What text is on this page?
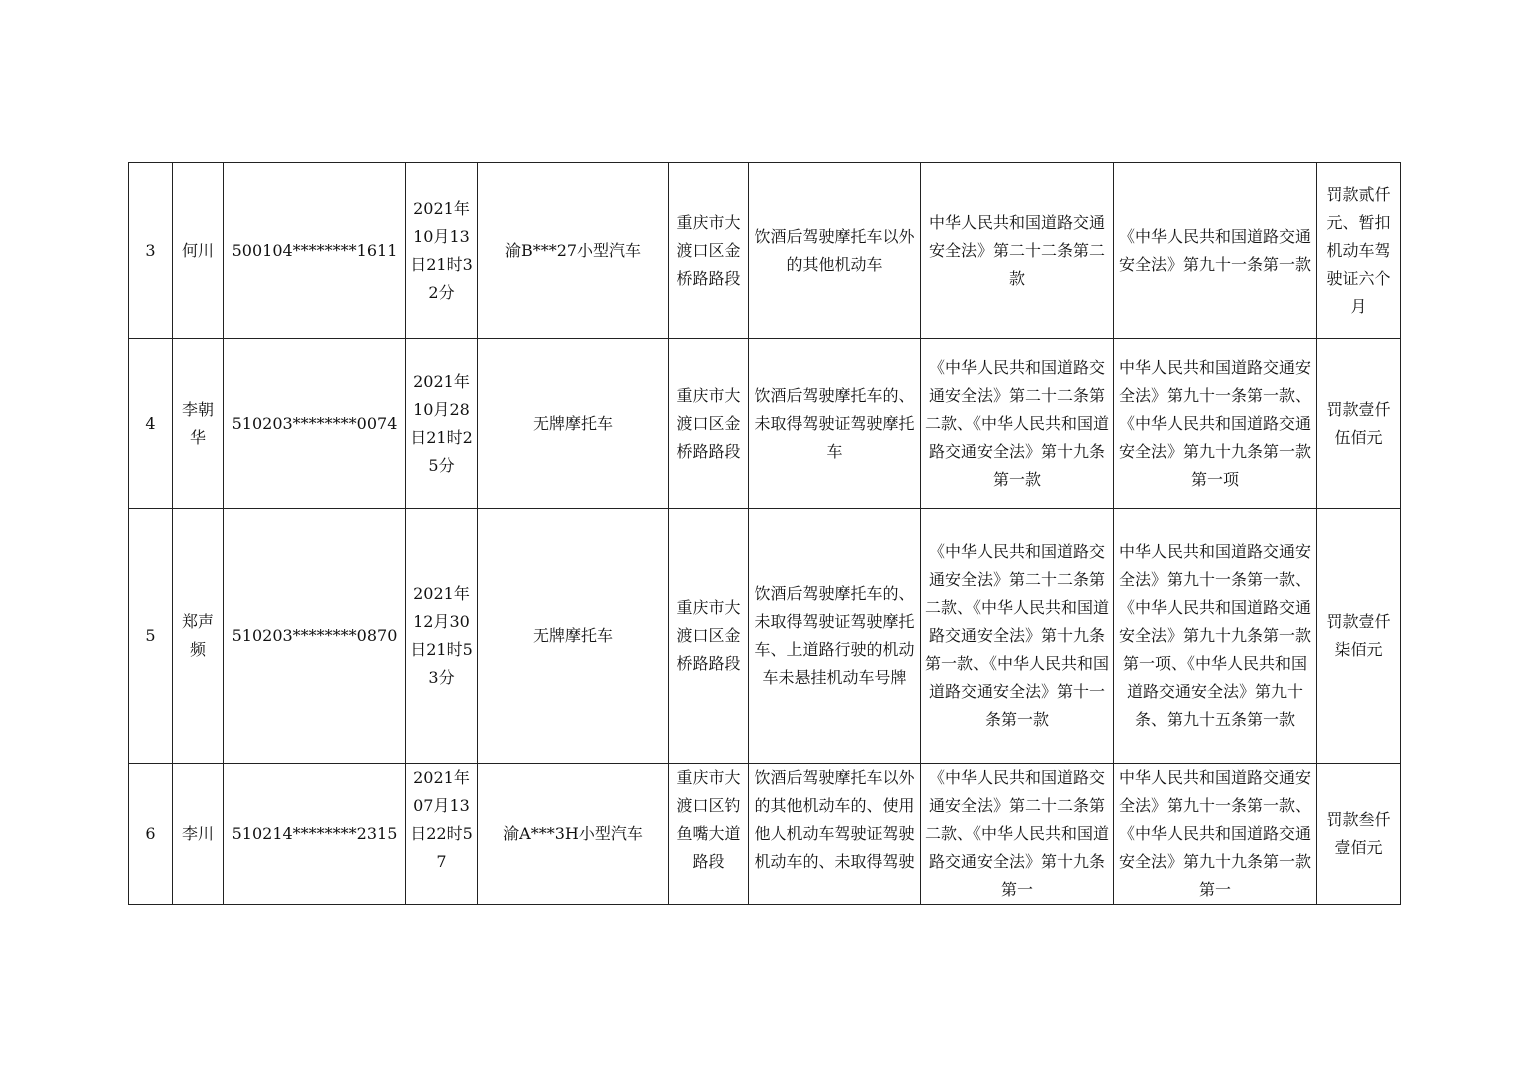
3	何川	500104********1611	2021年10月13日21时32分	渝B***27小型汽车	重庆市大渡口区金桥路路段	饮酒后驾驶摩托车以外的其他机动车	中华人民共和国道路交通安全法》第二十二条第二款	《中华人民共和国道路交通安全法》第九十一条第一款	罚款贰仟元、暂扣机动车驾驶证六个月
4	李朝华	510203********0074	2021年10月28日21时25分	无牌摩托车	重庆市大渡口区金桥路路段	饮酒后驾驶摩托车的、未取得驾驶证驾驶摩托车	《中华人民共和国道路交通安全法》第二十二条第二款、《中华人民共和国道路交通安全法》第十九条第一款	中华人民共和国道路交通安全法》第九十一条第一款、《中华人民共和国道路交通安全法》第九十九条第一款第一项	罚款壹仟伍佰元
5	郑声频	510203********0870	2021年12月30日21时53分	无牌摩托车	重庆市大渡口区金桥路路段	饮酒后驾驶摩托车的、未取得驾驶证驾驶摩托车、上道路行驶的机动车未悬挂机动车号牌	《中华人民共和国道路交通安全法》第二十二条第二款、《中华人民共和国道路交通安全法》第十九条第一款、《中华人民共和国道路交通安全法》第十一条第一款	中华人民共和国道路交通安全法》第九十一条第一款、《中华人民共和国道路交通安全法》第九十九条第一款第一项、《中华人民共和国道路交通安全法》第九十条、第九十五条第一款	罚款壹仟柒佰元
6	李川	510214********2315	2021年07月13日22时57	渝A***3H小型汽车	重庆市大渡口区钓鱼嘴大道路段	饮酒后驾驶摩托车以外的其他机动车的、使用他人机动车驾驶证驾驶机动车的、未取得驾驶	《中华人民共和国道路交通安全法》第二十二条第二款、《中华人民共和国道路交通安全法》第十九条第一	中华人民共和国道路交通安全法》第九十一条第一款、《中华人民共和国道路交通安全法》第九十九条第一款第一	罚款叁仟壹佰元
